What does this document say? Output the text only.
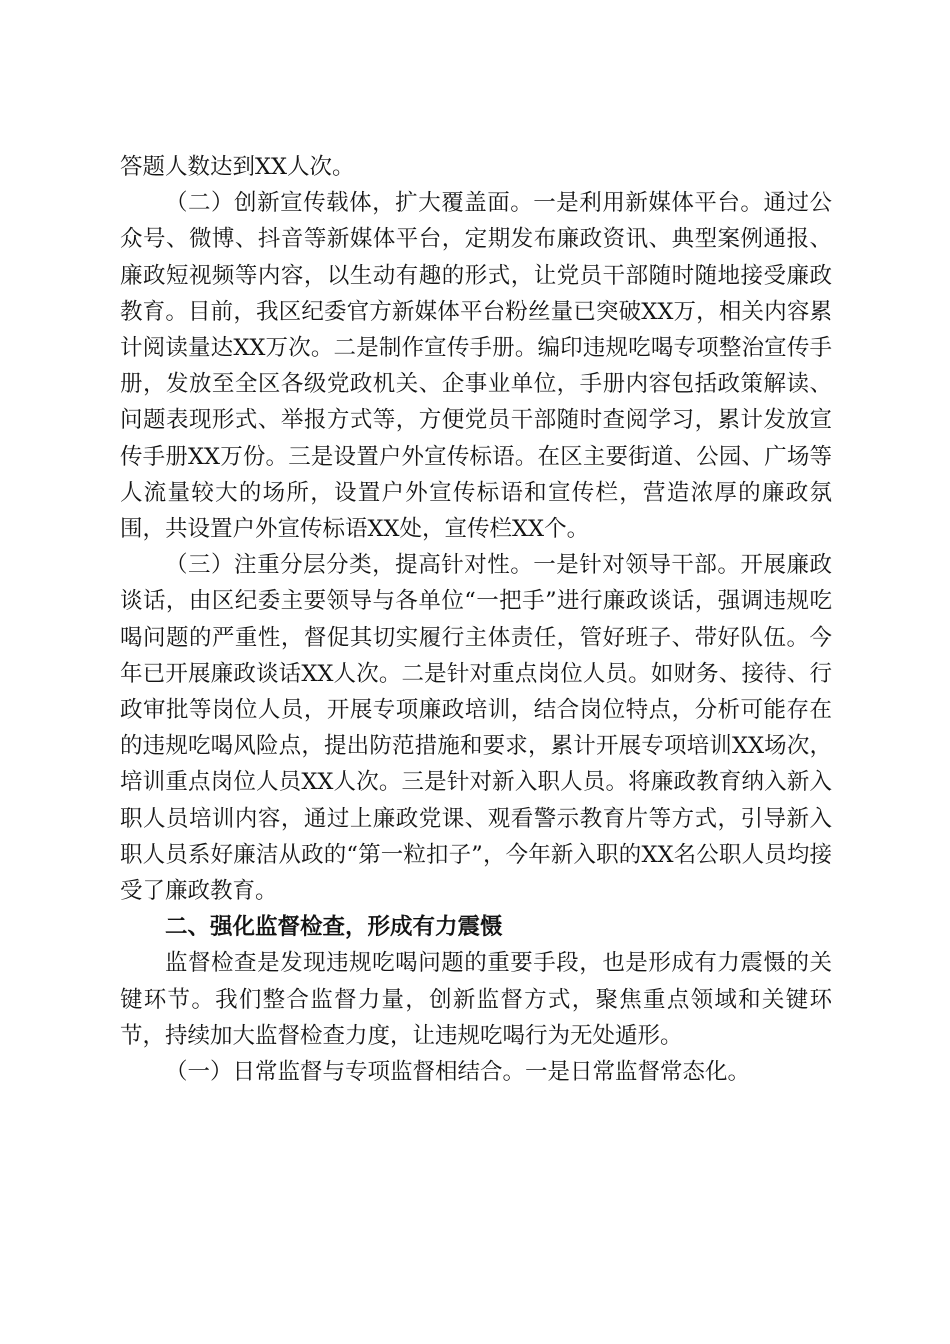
答题人数达到XX人次。

（二）创新宣传载体，扩大覆盖面。一是利用新媒体平台。通过公众号、微博、抖音等新媒体平台，定期发布廉政资讯、典型案例通报、廉政短视频等内容，以生动有趣的形式，让党员干部随时随地接受廉政教育。目前，我区纪委官方新媒体平台粉丝量已突破XX万，相关内容累计阅读量达XX万次。二是制作宣传手册。编印违规吃喝专项整治宣传手册，发放至全区各级党政机关、企事业单位，手册内容包括政策解读、问题表现形式、举报方式等，方便党员干部随时查阅学习，累计发放宣传手册XX万份。三是设置户外宣传标语。在区主要街道、公园、广场等人流量较大的场所，设置户外宣传标语和宣传栏，营造浓厚的廉政氛围，共设置户外宣传标语XX处，宣传栏XX个。

（三）注重分层分类，提高针对性。一是针对领导干部。开展廉政谈话，由区纪委主要领导与各单位“一把手”进行廉政谈话，强调违规吃喝问题的严重性，督促其切实履行主体责任，管好班子、带好队伍。今年已开展廉政谈话XX人次。二是针对重点岗位人员。如财务、接待、行政审批等岗位人员，开展专项廉政培训，结合岗位特点，分析可能存在的违规吃喝风险点，提出防范措施和要求，累计开展专项培训XX场次，培训重点岗位人员XX人次。三是针对新入职人员。将廉政教育纳入新入职人员培训内容，通过上廉政党课、观看警示教育片等方式，引导新入职人员系好廉洁从政的“第一粒扣子”，今年新入职的XX名公职人员均接受了廉政教育。

二、强化监督检查，形成有力震慑

监督检查是发现违规吃喝问题的重要手段，也是形成有力震慑的关键环节。我们整合监督力量，创新监督方式，聚焦重点领域和关键环节，持续加大监督检查力度，让违规吃喝行为无处遁形。

（一）日常监督与专项监督相结合。一是日常监督常态化。
